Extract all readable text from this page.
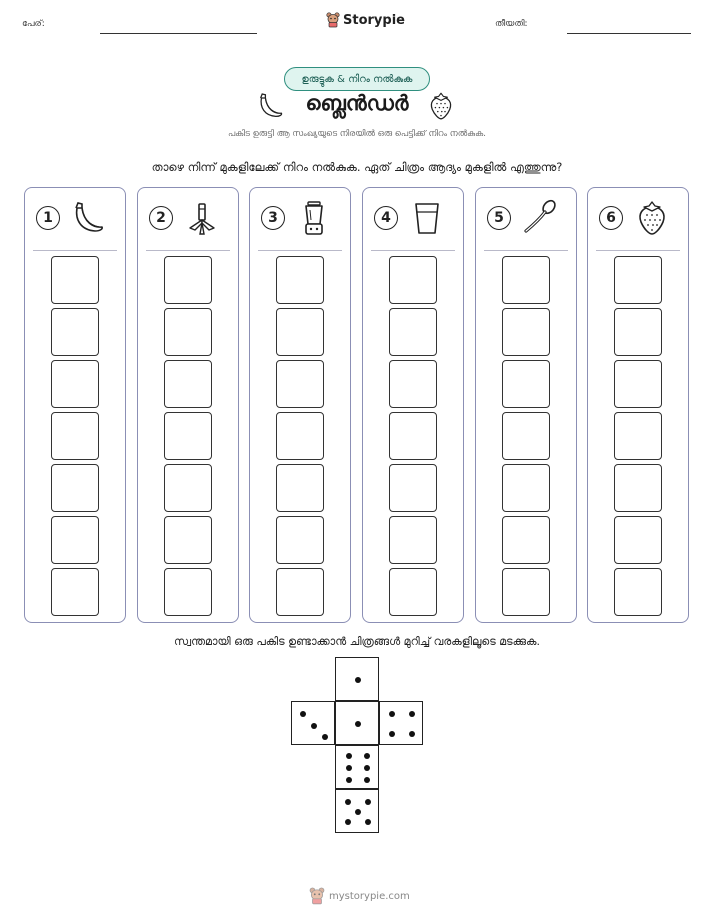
പേര്:	Storypie	തീയതി:
ഉരുട്ടുക & നിറം നൽകുക
ബ്ലെൻഡർ
പകിട ഉരുട്ടി ആ സംഖ്യയുടെ നിരയിൽ ഒരു പെട്ടിക്ക് നിറം നൽകുക.
താഴെ നിന്ന് മുകളിലേക്ക് നിറം നൽകുക. ഏത് ചിത്രം ആദ്യം മുകളിൽ എത്തുന്നു?
1	2	3	4	5	6
സ്വന്തമായി ഒരു പകിട ഉണ്ടാക്കാൻ ചിത്രങ്ങൾ മുറിച്ച് വരകളിലൂടെ മടക്കുക.
mystorypie.com
